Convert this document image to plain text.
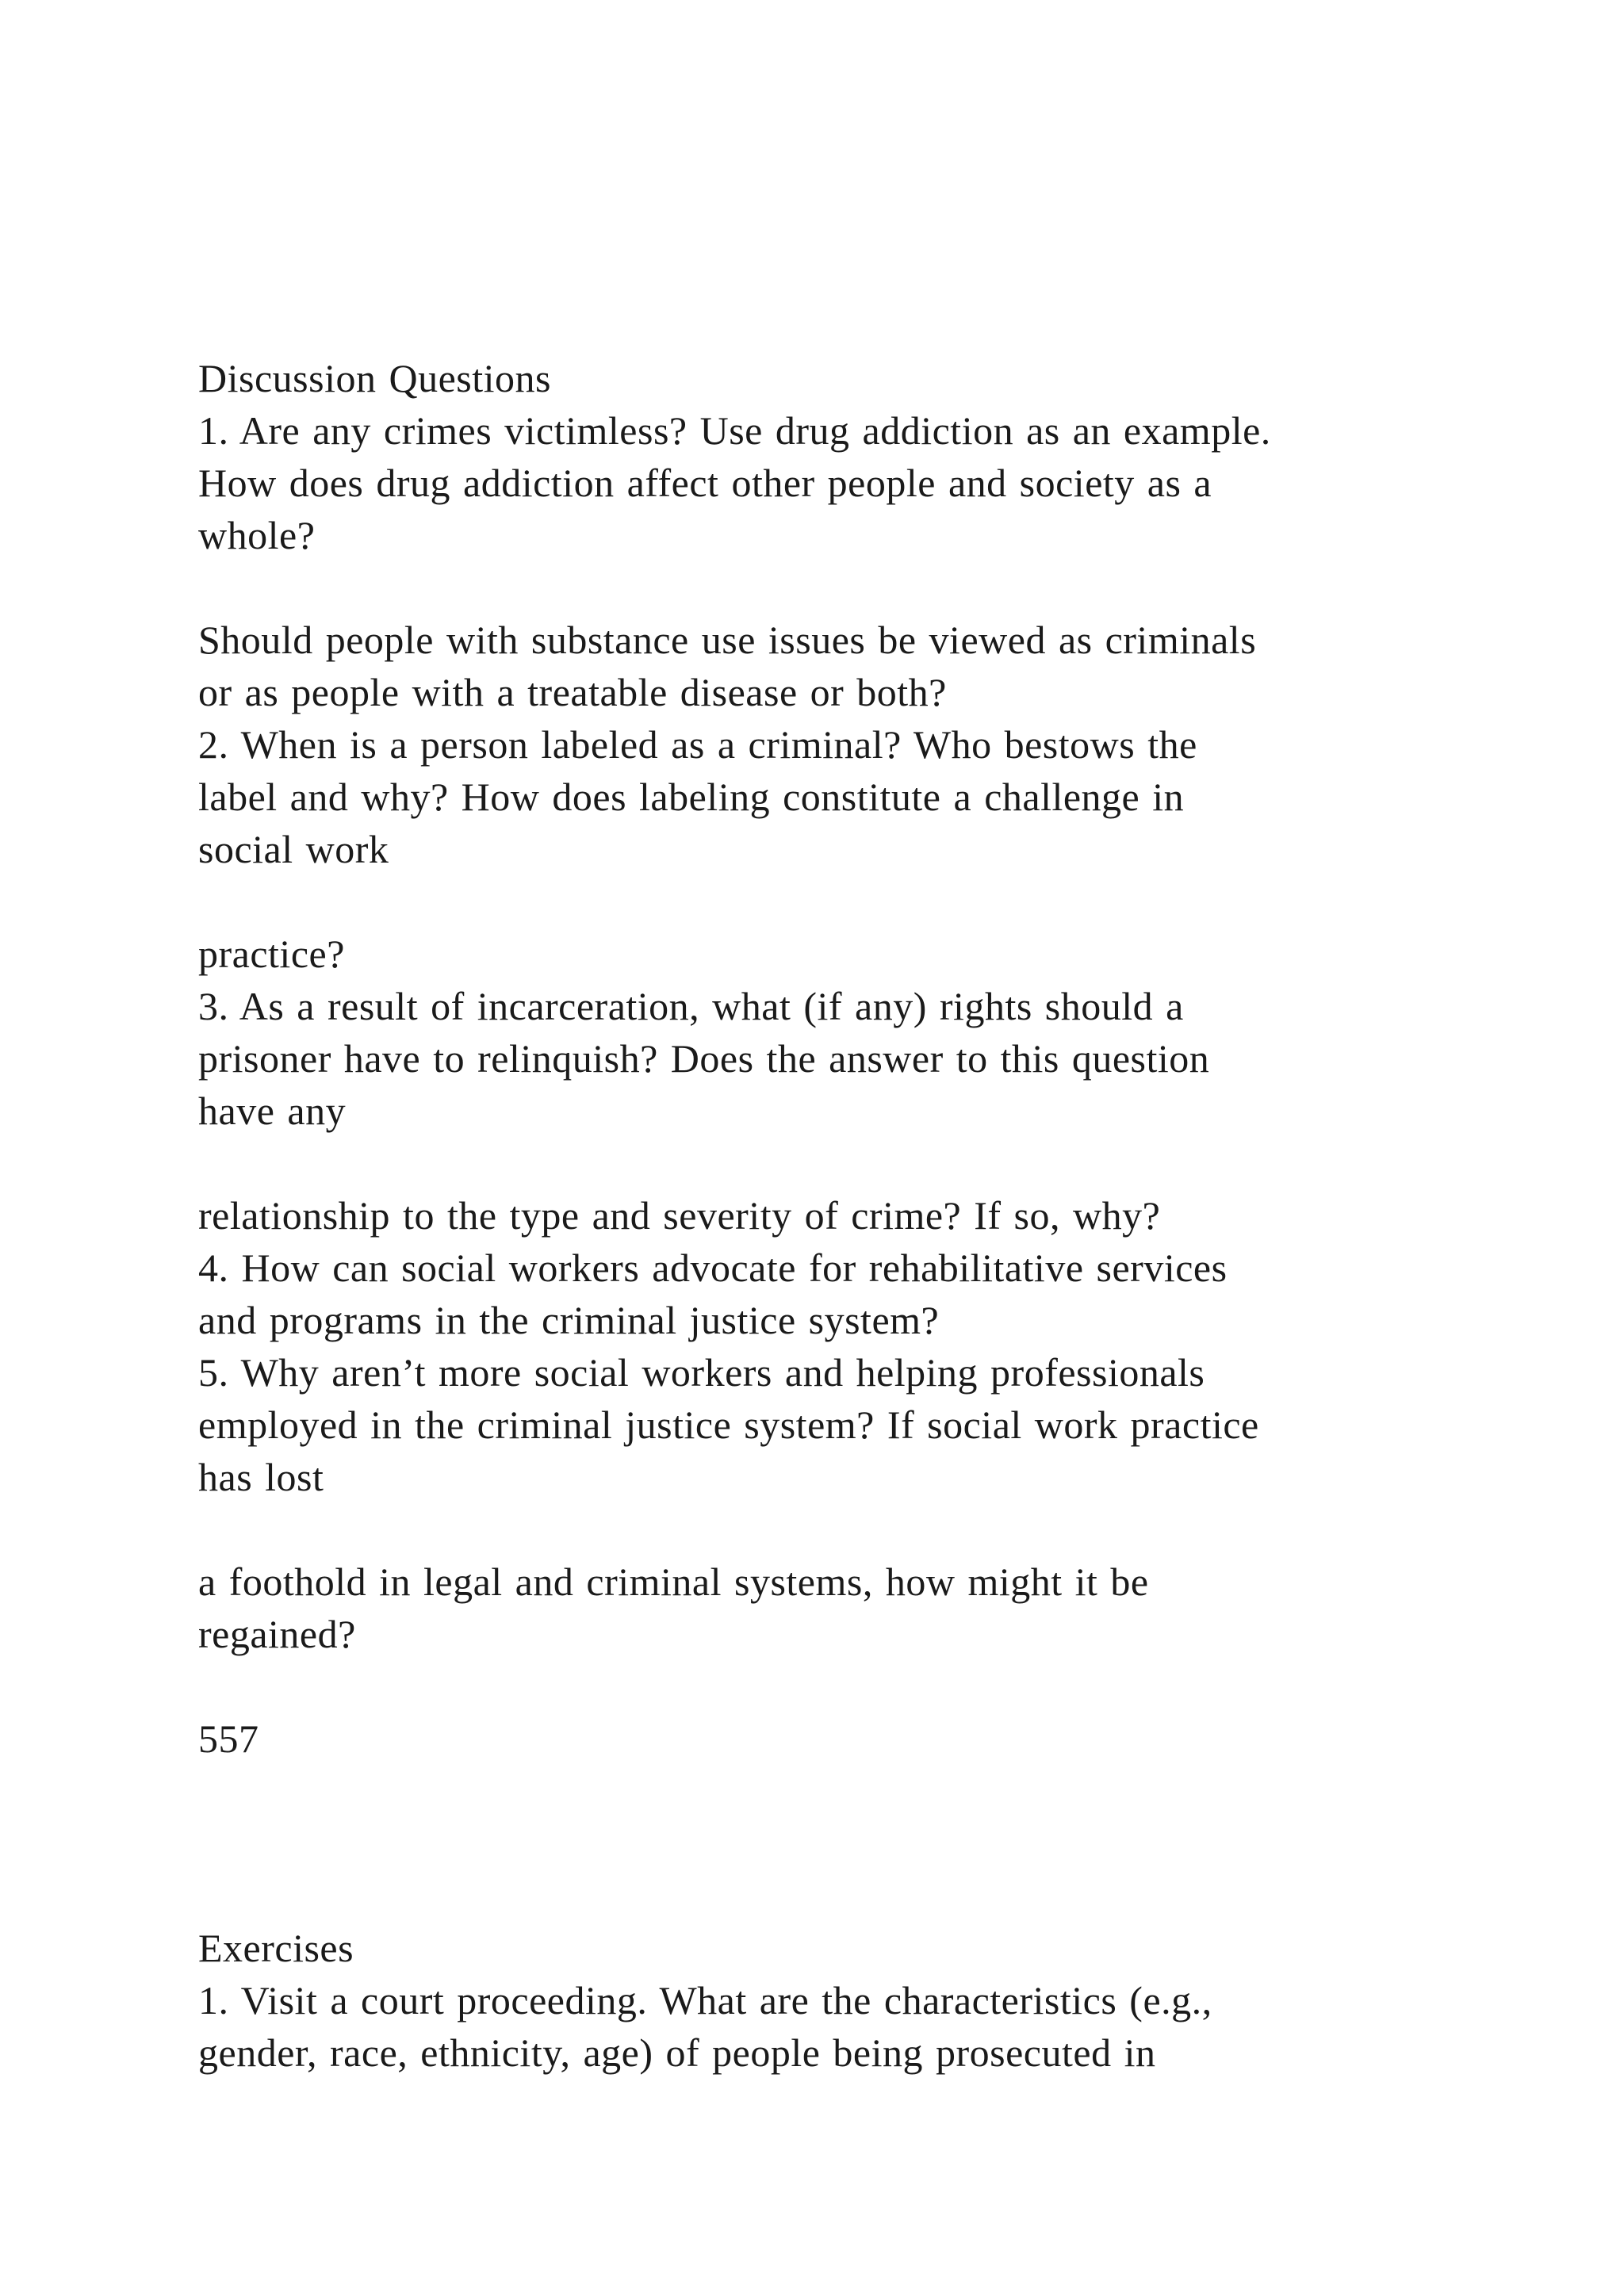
Discussion Questions
1. Are any crimes victimless? Use drug addiction as an example.
How does drug addiction affect other people and society as a
whole?
Should people with substance use issues be viewed as criminals
or as people with a treatable disease or both?
2. When is a person labeled as a criminal? Who bestows the
label and why? How does labeling constitute a challenge in
social work
practice?
3. As a result of incarceration, what (if any) rights should a
prisoner have to relinquish? Does the answer to this question
have any
relationship to the type and severity of crime? If so, why?
4. How can social workers advocate for rehabilitative services
and programs in the criminal justice system?
5. Why aren’t more social workers and helping professionals
employed in the criminal justice system? If social work practice
has lost
a foothold in legal and criminal systems, how might it be
regained?
557
Exercises
1. Visit a court proceeding. What are the characteristics (e.g.,
gender, race, ethnicity, age) of people being prosecuted in
